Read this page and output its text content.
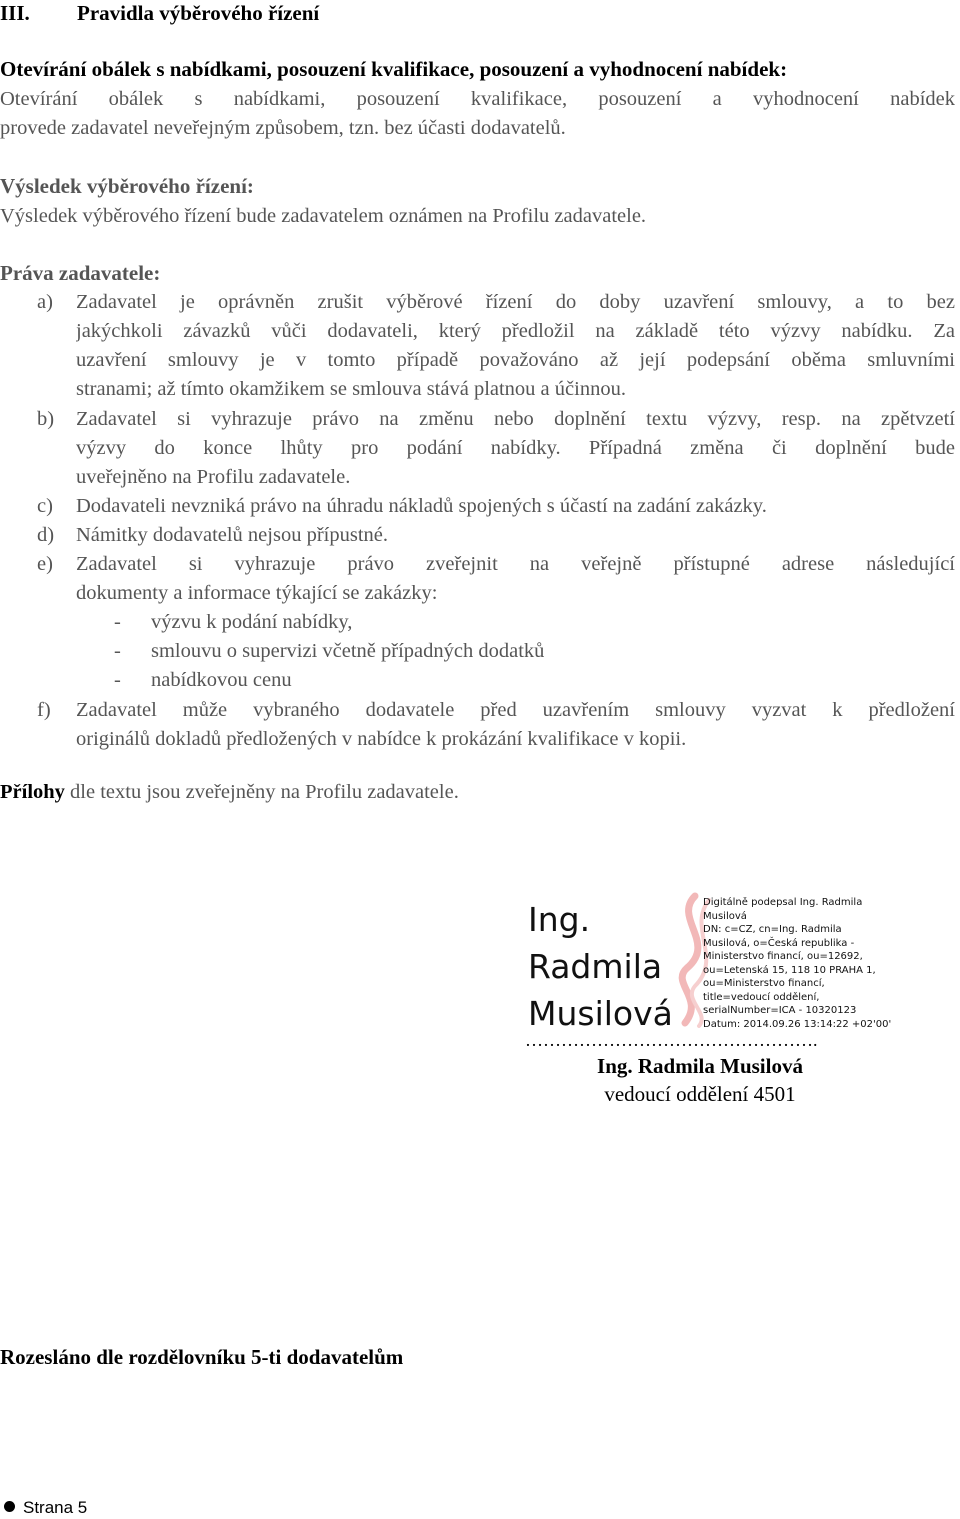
III. Pravidla výběrového řízení
Otevírání obálek s nabídkami, posouzení kvalifikace, posouzení a vyhodnocení nabídek:
Otevírání obálek s nabídkami, posouzení kvalifikace, posouzení a vyhodnocení nabídek
provede zadavatel neveřejným způsobem, tzn. bez účasti dodavatelů.
Výsledek výběrového řízení:
Výsledek výběrového řízení bude zadavatelem oznámen na Profilu zadavatele.
Práva zadavatele:
a) Zadavatel je oprávněn zrušit výběrové řízení do doby uzavření smlouvy, a to bez
jakýchkoli závazků vůči dodavateli, který předložil na základě této výzvy nabídku. Za
uzavření smlouvy je v tomto případě považováno až její podepsání oběma smluvními
stranami; až tímto okamžikem se smlouva stává platnou a účinnou.
b) Zadavatel si vyhrazuje právo na změnu nebo doplnění textu výzvy, resp. na zpětvzetí
výzvy do konce lhůty pro podání nabídky. Případná změna či doplnění bude
uveřejněno na Profilu zadavatele.
c) Dodavateli nevzniká právo na úhradu nákladů spojených s účastí na zadání zakázky.
d) Námitky dodavatelů nejsou přípustné.
e) Zadavatel si vyhrazuje právo zveřejnit na veřejně přístupné adrese následující
dokumenty a informace týkající se zakázky:
- výzvu k podání nabídky,
- smlouvu o supervizi včetně případných dodatků
- nabídkovou cenu
f) Zadavatel může vybraného dodavatele před uzavřením smlouvy vyzvat k předložení
originálů dokladů předložených v nabídce k prokázání kvalifikace v kopii.
Přílohy dle textu jsou zveřejněny na Profilu zadavatele.
Ing.
Radmila
Musilová
Digitálně podepsal Ing. Radmila
Musilová
DN: c=CZ, cn=Ing. Radmila
Musilová, o=Česká republika -
Ministerstvo financí, ou=12692,
ou=Letenská 15, 118 10 PRAHA 1,
ou=Ministerstvo financí,
title=vedoucí oddělení,
serialNumber=ICA - 10320123
Datum: 2014.09.26 13:14:22 +02'00'
………………………………………….
Ing. Radmila Musilová
vedoucí oddělení 4501
Rozesláno dle rozdělovníku 5-ti dodavatelům
Strana 5
